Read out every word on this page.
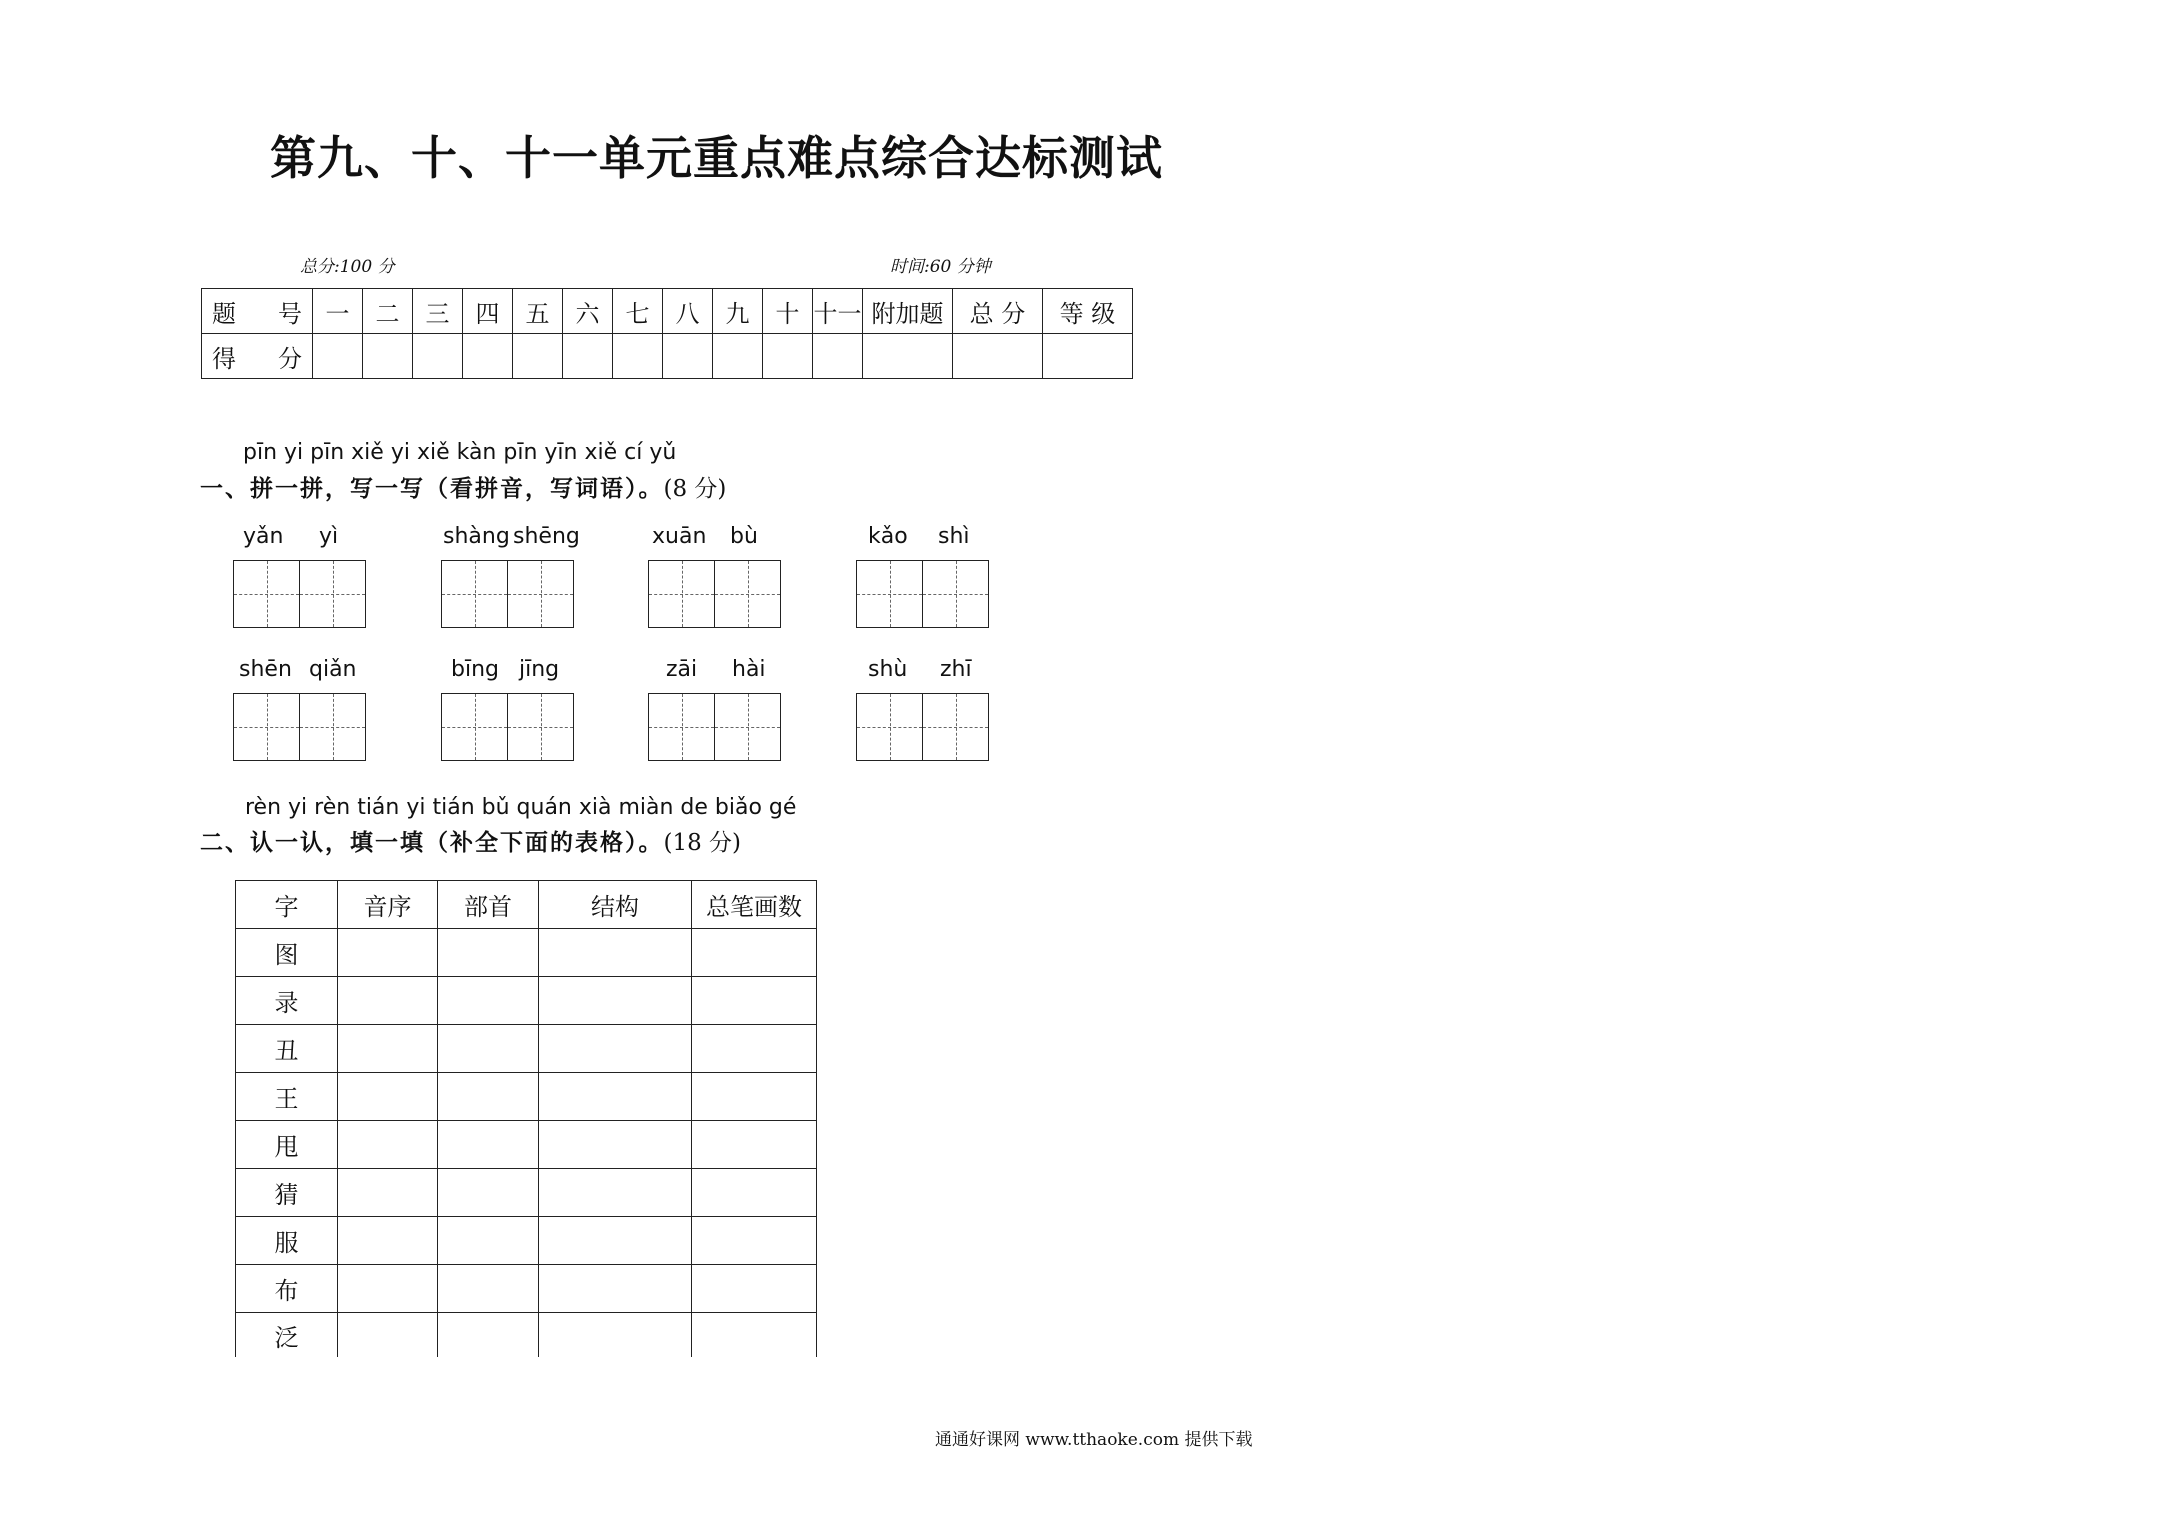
第九、十、十一单元重点难点综合达标测试
总分:100 分	时间:60 分钟
题 号	一	二	三	四	五	六	七	八	九	十	十一	附加题	总 分	等 级
得 分														
pīn yi pīn xiě yi xiě kàn pīn yīn xiě cí yǔ
一、拼一拼，写一写（看拼音，写词语）。(8 分)
yǎn yì	shàng shēng	xuān bù	kǎo shì
shēn qiǎn	bīng jīng	zāi hài	shù zhī
rèn yi rèn tián yi tián bǔ quán xià miàn de biǎo gé
二、认一认，填一填（补全下面的表格）。(18 分)
字	音序	部首	结构	总笔画数
图				
录				
丑				
王				
甩				
猜				
服				
布				
泛				
通通好课网 www.tthaoke.com 提供下载
